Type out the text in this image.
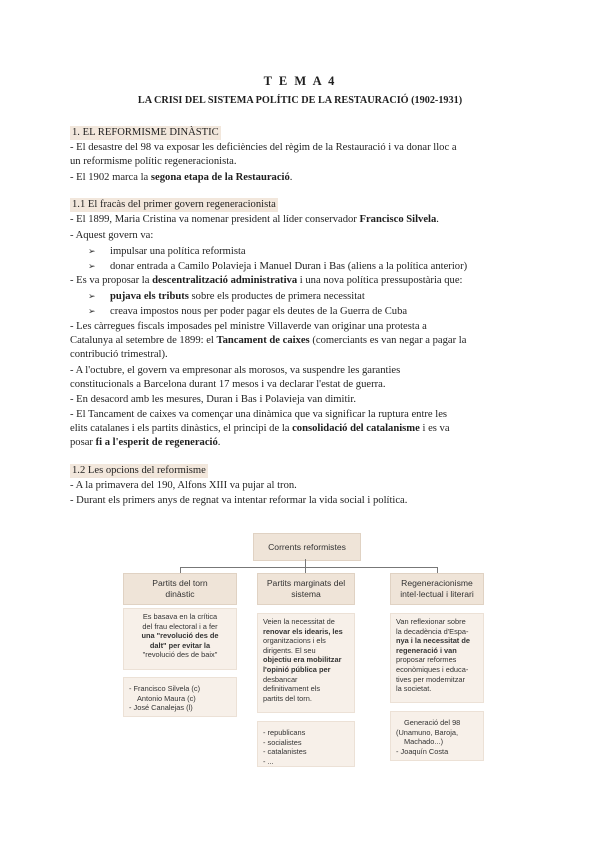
T E M A 4
LA CRISI DEL SISTEMA POLÍTIC DE LA RESTAURACIÓ (1902-1931)
1. EL REFORMISME DINÀSTIC
- El desastre del 98 va exposar les deficiències del règim de la Restauració i va donar lloc a
un reformisme polític regeneracionista.
- El 1902 marca la segona etapa de la Restauració.
1.1 El fracàs del primer govern regeneracionista
- El 1899, Maria Cristina va nomenar president al líder conservador Francisco Silvela.
- Aquest govern va:
➢ impulsar una política reformista
➢ donar entrada a Camilo Polavieja i Manuel Duran i Bas (aliens a la política anterior)
- Es va proposar la descentralització administrativa i una nova política pressupostària que:
➢ pujava els tributs sobre els productes de primera necessitat
➢ creava impostos nous per poder pagar els deutes de la Guerra de Cuba
- Les càrregues fiscals imposades pel ministre Villaverde van originar una protesta a
Catalunya al setembre de 1899: el Tancament de caixes (comerciants es van negar a pagar la
contribució trimestral).
- A l'octubre, el govern va empresonar als morosos, va suspendre les garanties
constitucionals a Barcelona durant 17 mesos i va declarar l'estat de guerra.
- En desacord amb les mesures, Duran i Bas i Polavieja van dimitir.
- El Tancament de caixes va començar una dinàmica que va significar la ruptura entre les
elits catalanes i els partits dinàstics, el principi de la consolidació del catalanisme i es va
posar fi a l'esperit de regeneració.
1.2 Les opcions del reformisme
- A la primavera del 190, Alfons XIII va pujar al tron.
- Durant els primers anys de regnat va intentar reformar la vida social i política.
Corrents reformistes
Partits del torn
dinàstic
Es basava en la crítica
del frau electoral i a fer
una "revolució des de
dalt" per evitar la
"revolució des de baix"
- Francisco Silvela (c)
Antonio Maura (c)
- José Canalejas (l)
Partits marginats del
sistema
Veien la necessitat de
renovar els idearis, les
organitzacions i els
dirigents. El seu
objectiu era mobilitzar
l'opinió pública per
desbancar
definitivament els
partits del torn.
- republicans
- socialistes
- catalanistes
- ...
Regeneracionisme
intel·lectual i literari
Van reflexionar sobre
la decadència d'Espa-
nya i la necessitat de
regeneració i van
proposar reformes
econòmiques i educa-
tives per modernitzar
la societat.
Generació del 98
(Unamuno, Baroja,
Machado...)
- Joaquín Costa
